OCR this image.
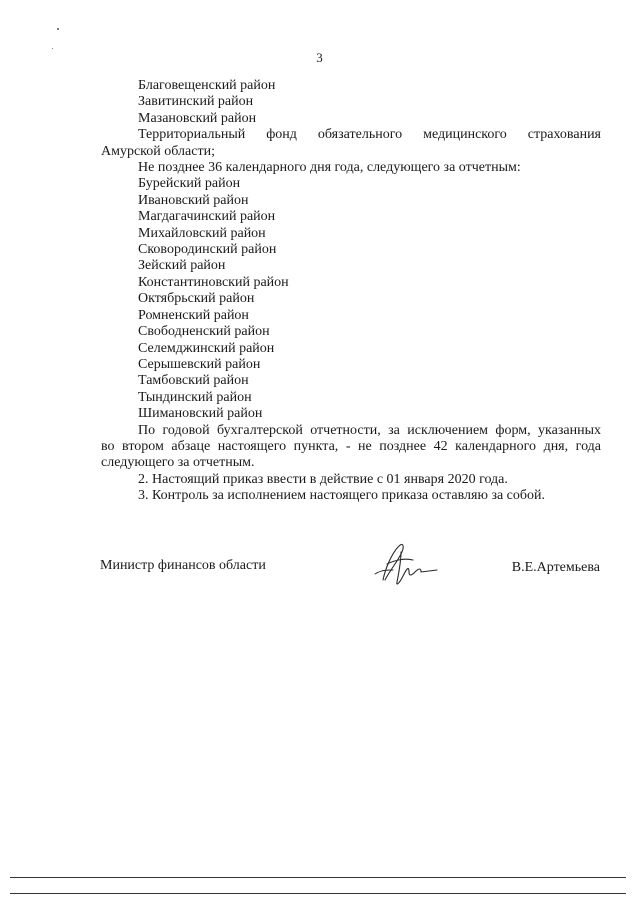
3
Благовещенский район
Завитинский район
Мазановский район
Территориальный фонд обязательного медицинского страхования
Амурской области;
Не позднее 36 календарного дня года, следующего за отчетным:
Бурейский район
Ивановский район
Магдагачинский район
Михайловский район
Сковородинский район
Зейский район
Константиновский район
Октябрьский район
Ромненский район
Свободненский район
Селемджинский район
Серышевский район
Тамбовский район
Тындинский район
Шимановский район
По годовой бухгалтерской отчетности, за исключением форм, указанных
во втором абзаце настоящего пункта, - не позднее 42 календарного дня, года
следующего за отчетным.
2. Настоящий приказ ввести в действие с 01 января 2020 года.
3. Контроль за исполнением настоящего приказа оставляю за собой.
Министр финансов области	В.Е.Артемьева
